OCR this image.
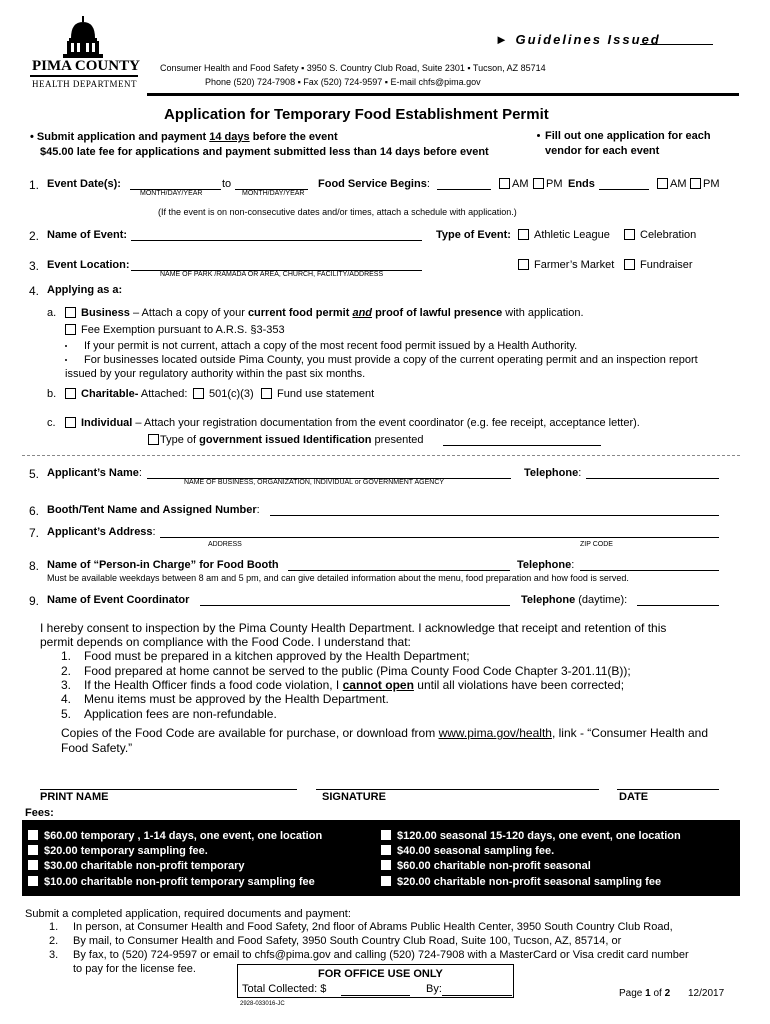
► Guidelines Issued
PIMA COUNTY
HEALTH DEPARTMENT
Consumer Health and Food Safety ▪ 3950 S. Country Club Road, Suite 2301 ▪ Tucson, AZ 85714
Phone (520) 724-7908 ▪ Fax (520) 724-9597 ▪ E-mail chfs@pima.gov
Application for Temporary Food Establishment Permit
• Submit application and payment 14 days before the event
$45.00 late fee for applications and payment submitted less than 14 days before event
Fill out one application for each
vendor for each event
1. Event Date(s):	to
MONTH/DAY/YEAR	MONTH/DAY/YEAR
Food Service Begins:	AM PM Ends	AM PM
(If the event is on non-consecutive dates and/or times, attach a schedule with application.)
2. Name of Event:	Type of Event: Athletic League	Celebration
3. Event Location:
NAME OF PARK /RAMADA OR AREA, CHURCH, FACILITY/ADDRESS
Farmer’s Market Fundraiser
4. Applying as a:
a. Business – Attach a copy of your current food permit and proof of lawful presence with application.
Fee Exemption pursuant to A.R.S. §3-353
If your permit is not current, attach a copy of the most recent food permit issued by a Health Authority.
For businesses located outside Pima County, you must provide a copy of the current operating permit and an inspection report
issued by your regulatory authority within the past six months.
b. Charitable- Attached: 501(c)(3) Fund use statement
c. Individual – Attach your registration documentation from the event coordinator (e.g. fee receipt, acceptance letter).
Type of government issued Identification presented
5. Applicant’s Name:
NAME OF BUSINESS, ORGANIZATION, INDIVIDUAL or GOVERNMENT AGENCY
Telephone:
6. Booth/Tent Name and Assigned Number:
7. Applicant’s Address:
ADDRESS	ZIP CODE
8. Name of “Person-in Charge” for Food Booth	Telephone:
Must be available weekdays between 8 am and 5 pm, and can give detailed information about the menu, food preparation and how food is served.
9. Name of Event Coordinator	Telephone (daytime):
I hereby consent to inspection by the Pima County Health Department. I acknowledge that receipt and retention of this
permit depends on compliance with the Food Code. I understand that:
1. Food must be prepared in a kitchen approved by the Health Department;
2. Food prepared at home cannot be served to the public (Pima County Food Code Chapter 3-201.11(B));
3. If the Health Officer finds a food code violation, I cannot open until all violations have been corrected;
4. Menu items must be approved by the Health Department.
5. Application fees are non-refundable.
Copies of the Food Code are available for purchase, or download from www.pima.gov/health, link - “Consumer Health and
Food Safety.”
PRINT NAME	SIGNATURE	DATE
Fees:
$60.00 temporary , 1-14 days, one event, one location
$20.00 temporary sampling fee.
$30.00 charitable non-profit temporary
$10.00 charitable non-profit temporary sampling fee
$120.00 seasonal 15-120 days, one event, one location
$40.00 seasonal sampling fee.
$60.00 charitable non-profit seasonal
$20.00 charitable non-profit seasonal sampling fee
Submit a completed application, required documents and payment:
1. In person, at Consumer Health and Food Safety, 2nd floor of Abrams Public Health Center, 3950 South Country Club Road,
2. By mail, to Consumer Health and Food Safety, 3950 South Country Club Road, Suite 100, Tucson, AZ, 85714, or
3. By fax, to (520) 724-9597 or email to chfs@pima.gov and calling (520) 724-7908 with a MasterCard or Visa credit card number
to pay for the license fee.	FOR OFFICE USE ONLY
Total Collected: $	By:
2928-033016-JC
Page 1 of 2 12/2017
